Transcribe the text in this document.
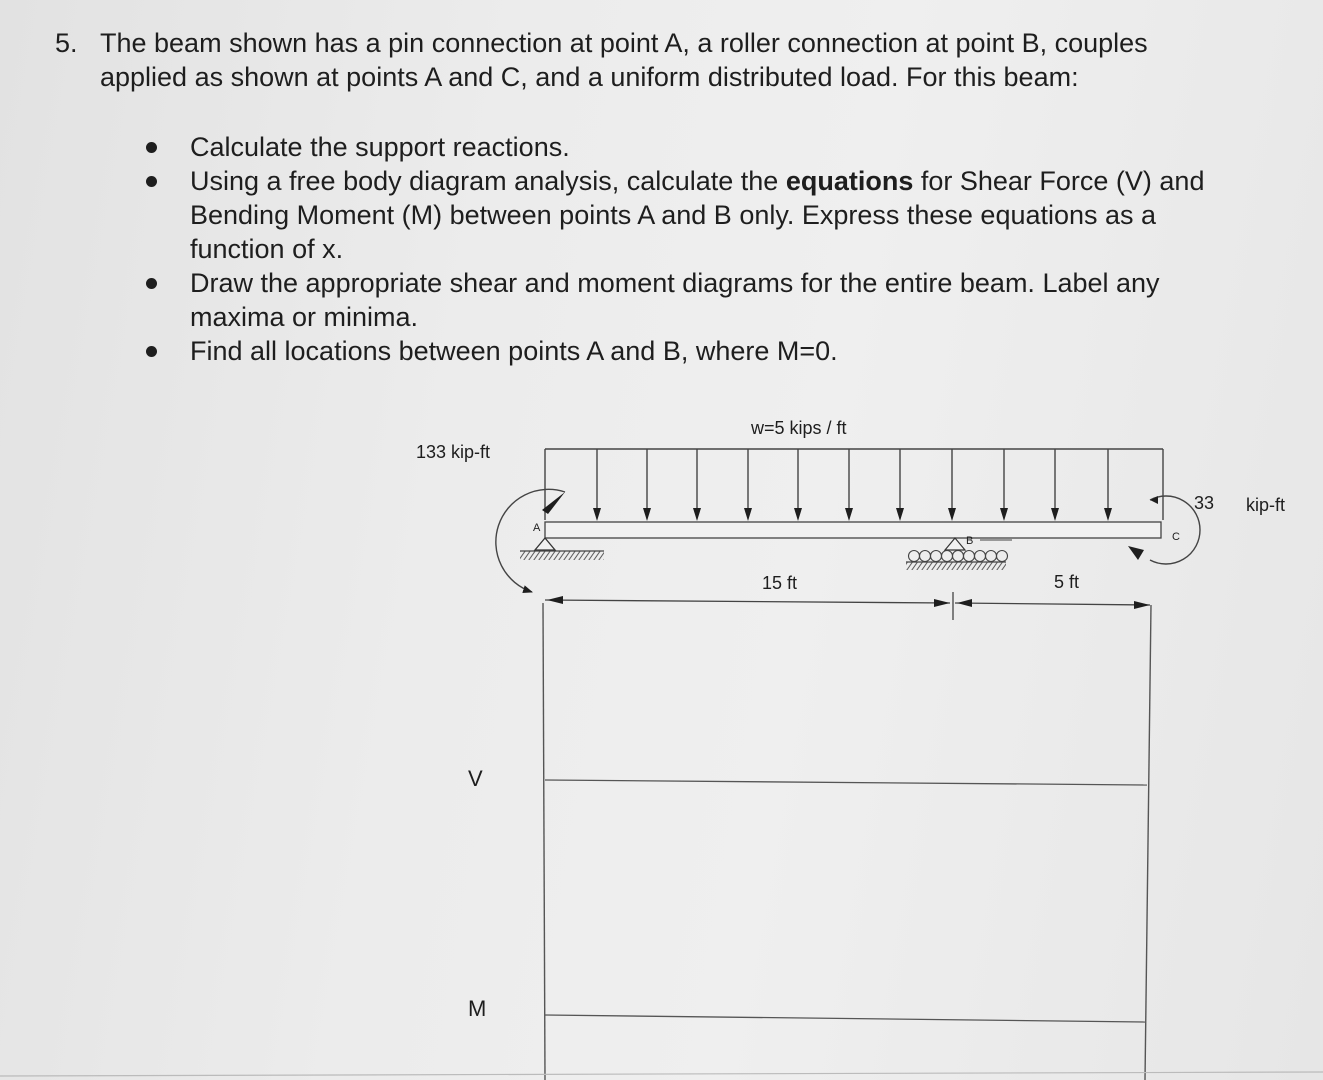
5. The beam shown has a pin connection at point A, a roller connection at point B, couples applied as shown at points A and C, and a uniform distributed load. For this beam:
Calculate the support reactions.
Using a free body diagram analysis, calculate the equations for Shear Force (V) and Bending Moment (M) between points A and B only. Express these equations as a function of x.
Draw the appropriate shear and moment diagrams for the entire beam. Label any maxima or minima.
Find all locations between points A and B, where M=0.
w=5 kips / ft
A
B	C
133 kip-ft
33 kip-ft
15 ft	5 ft
V
M
